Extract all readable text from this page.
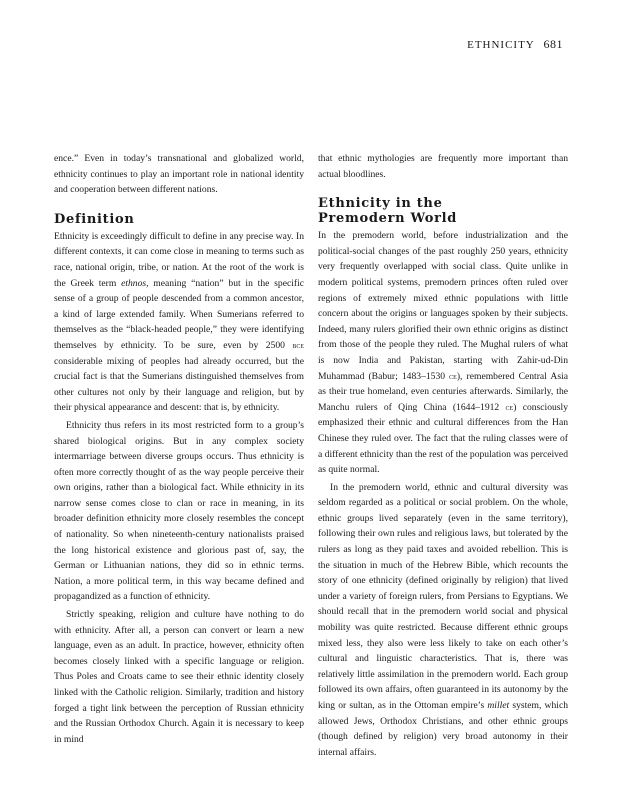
ETHNICITY 681

ence.” Even in today’s transnational and globalized world, ethnicity continues to play an important role in national identity and cooperation between different nations.

Definition

Ethnicity is exceedingly difficult to define in any precise way. In different contexts, it can come close in meaning to terms such as race, national origin, tribe, or nation. At the root of the work is the Greek term ethnos, meaning “nation” but in the specific sense of a group of people descended from a common ancestor, a kind of large extended family. When Sumerians referred to themselves as the “black-headed people,” they were identifying themselves by ethnicity. To be sure, even by 2500 bce considerable mixing of peoples had already occurred, but the crucial fact is that the Sumerians distinguished themselves from other cultures not only by their language and religion, but by their physical appearance and descent: that is, by ethnicity.

Ethnicity thus refers in its most restricted form to a group’s shared biological origins. But in any complex society intermarriage between diverse groups occurs. Thus ethnicity is often more correctly thought of as the way people perceive their own origins, rather than a biological fact. While ethnicity in its narrow sense comes close to clan or race in meaning, in its broader definition ethnicity more closely resembles the concept of nationality. So when nineteenth-century nationalists praised the long historical existence and glorious past of, say, the German or Lithuanian nations, they did so in ethnic terms. Nation, a more political term, in this way became defined and propagandized as a function of ethnicity.

Strictly speaking, religion and culture have nothing to do with ethnicity. After all, a person can convert or learn a new language, even as an adult. In practice, however, ethnicity often becomes closely linked with a specific language or religion. Thus Poles and Croats came to see their ethnic identity closely linked with the Catholic religion. Similarly, tradition and history forged a tight link between the perception of Russian ethnicity and the Russian Orthodox Church. Again it is necessary to keep in mind

that ethnic mythologies are frequently more important than actual bloodlines.

Ethnicity in the
Premodern World

In the premodern world, before industrialization and the political-social changes of the past roughly 250 years, ethnicity very frequently overlapped with social class. Quite unlike in modern political systems, premodern princes often ruled over regions of extremely mixed ethnic populations with little concern about the origins or languages spoken by their subjects. Indeed, many rulers glorified their own ethnic origins as distinct from those of the people they ruled. The Mughal rulers of what is now India and Pakistan, starting with Zahir-ud-Din Muhammad (Babur; 1483–1530 ce), remembered Central Asia as their true homeland, even centuries afterwards. Similarly, the Manchu rulers of Qing China (1644–1912 ce) consciously emphasized their ethnic and cultural differences from the Han Chinese they ruled over. The fact that the ruling classes were of a different ethnicity than the rest of the population was perceived as quite normal.

In the premodern world, ethnic and cultural diversity was seldom regarded as a political or social problem. On the whole, ethnic groups lived separately (even in the same territory), following their own rules and religious laws, but tolerated by the rulers as long as they paid taxes and avoided rebellion. This is the situation in much of the Hebrew Bible, which recounts the story of one ethnicity (defined originally by religion) that lived under a variety of foreign rulers, from Persians to Egyptians. We should recall that in the premodern world social and physical mobility was quite restricted. Because different ethnic groups mixed less, they also were less likely to take on each other’s cultural and linguistic characteristics. That is, there was relatively little assimilation in the premodern world. Each group followed its own affairs, often guaranteed in its autonomy by the king or sultan, as in the Ottoman empire’s millet system, which allowed Jews, Orthodox Christians, and other ethnic groups (though defined by religion) very broad autonomy in their internal affairs.
